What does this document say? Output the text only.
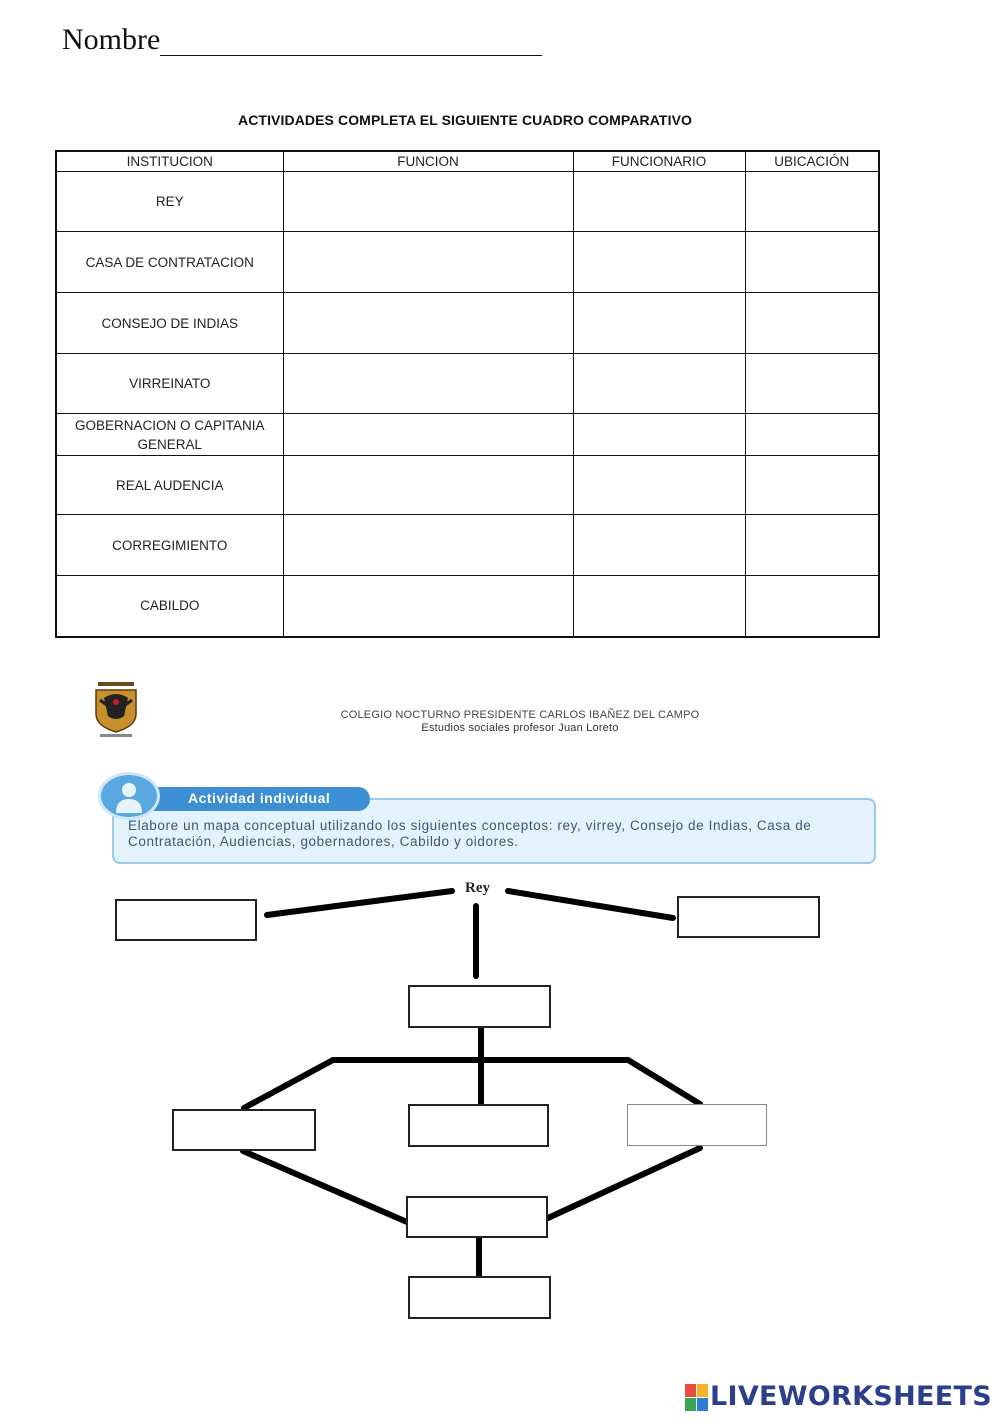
Nombre
ACTIVIDADES COMPLETA EL SIGUIENTE CUADRO COMPARATIVO
INSTITUCION	FUNCION	FUNCIONARIO	UBICACIÓN
REY			
CASA DE CONTRATACION			
CONSEJO DE INDIAS			
VIRREINATO			
GOBERNACION O CAPITANIA GENERAL			
REAL AUDENCIA			
CORREGIMIENTO			
CABILDO			
COLEGIO NOCTURNO PRESIDENTE CARLOS IBAÑEZ DEL CAMPO
Estudios sociales profesor Juan Loreto
Actividad individual
Elabore un mapa conceptual utilizando los siguientes conceptos: rey, virrey, Consejo de Indias, Casa de Contratación, Audiencias, gobernadores, Cabildo y oidores.
Rey
LIVEWORKSHEETS
